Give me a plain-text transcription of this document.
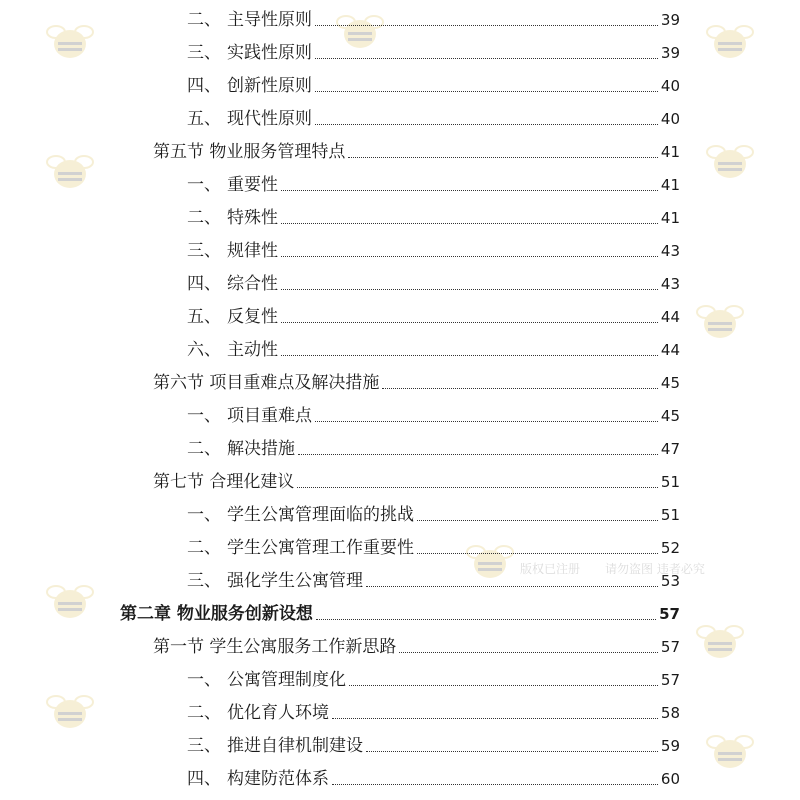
版权已注册 请勿盗图 违者必究
二、 主导性原则	39
三、 实践性原则	39
四、 创新性原则	40
五、 现代性原则	40
第五节 物业服务管理特点	41
一、 重要性	41
二、 特殊性	41
三、 规律性	43
四、 综合性	43
五、 反复性	44
六、 主动性	44
第六节 项目重难点及解决措施	45
一、 项目重难点	45
二、 解决措施	47
第七节 合理化建议	51
一、 学生公寓管理面临的挑战	51
二、 学生公寓管理工作重要性	52
三、 强化学生公寓管理	53
第二章 物业服务创新设想	57
第一节 学生公寓服务工作新思路	57
一、 公寓管理制度化	57
二、 优化育人环境	58
三、 推进自律机制建设	59
四、 构建防范体系	60
